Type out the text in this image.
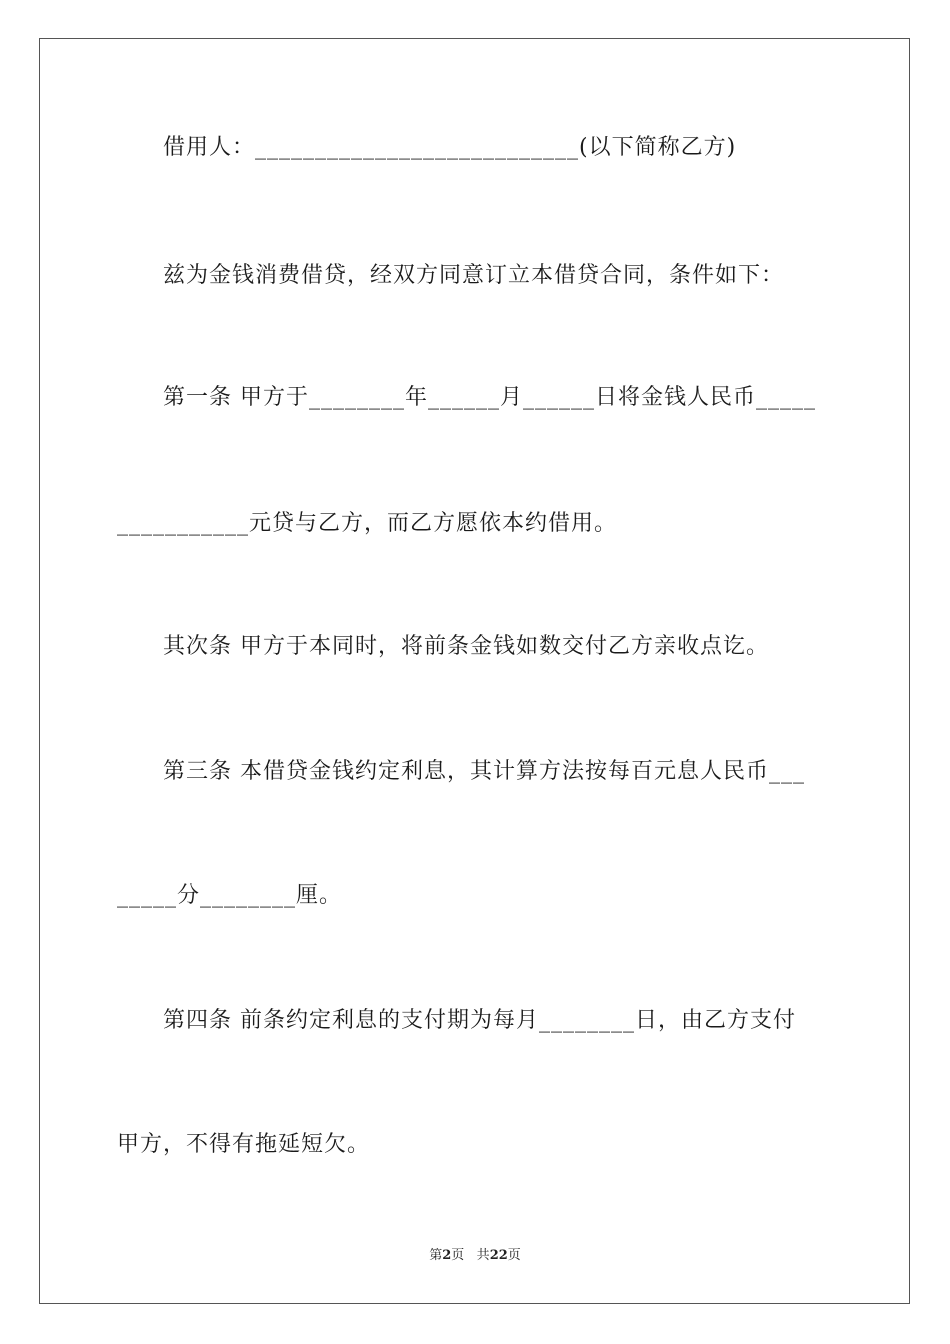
借用人：___________________________(以下简称乙方)
兹为金钱消费借贷，经双方同意订立本借贷合同，条件如下：
第一条 甲方于________年______月______日将金钱人民币_____
___________元贷与乙方，而乙方愿依本约借用。
其次条 甲方于本同时，将前条金钱如数交付乙方亲收点讫。
第三条 本借贷金钱约定利息，其计算方法按每百元息人民币___
_____分________厘。
第四条 前条约定利息的支付期为每月________日，由乙方支付
甲方，不得有拖延短欠。
第2页 共22页
